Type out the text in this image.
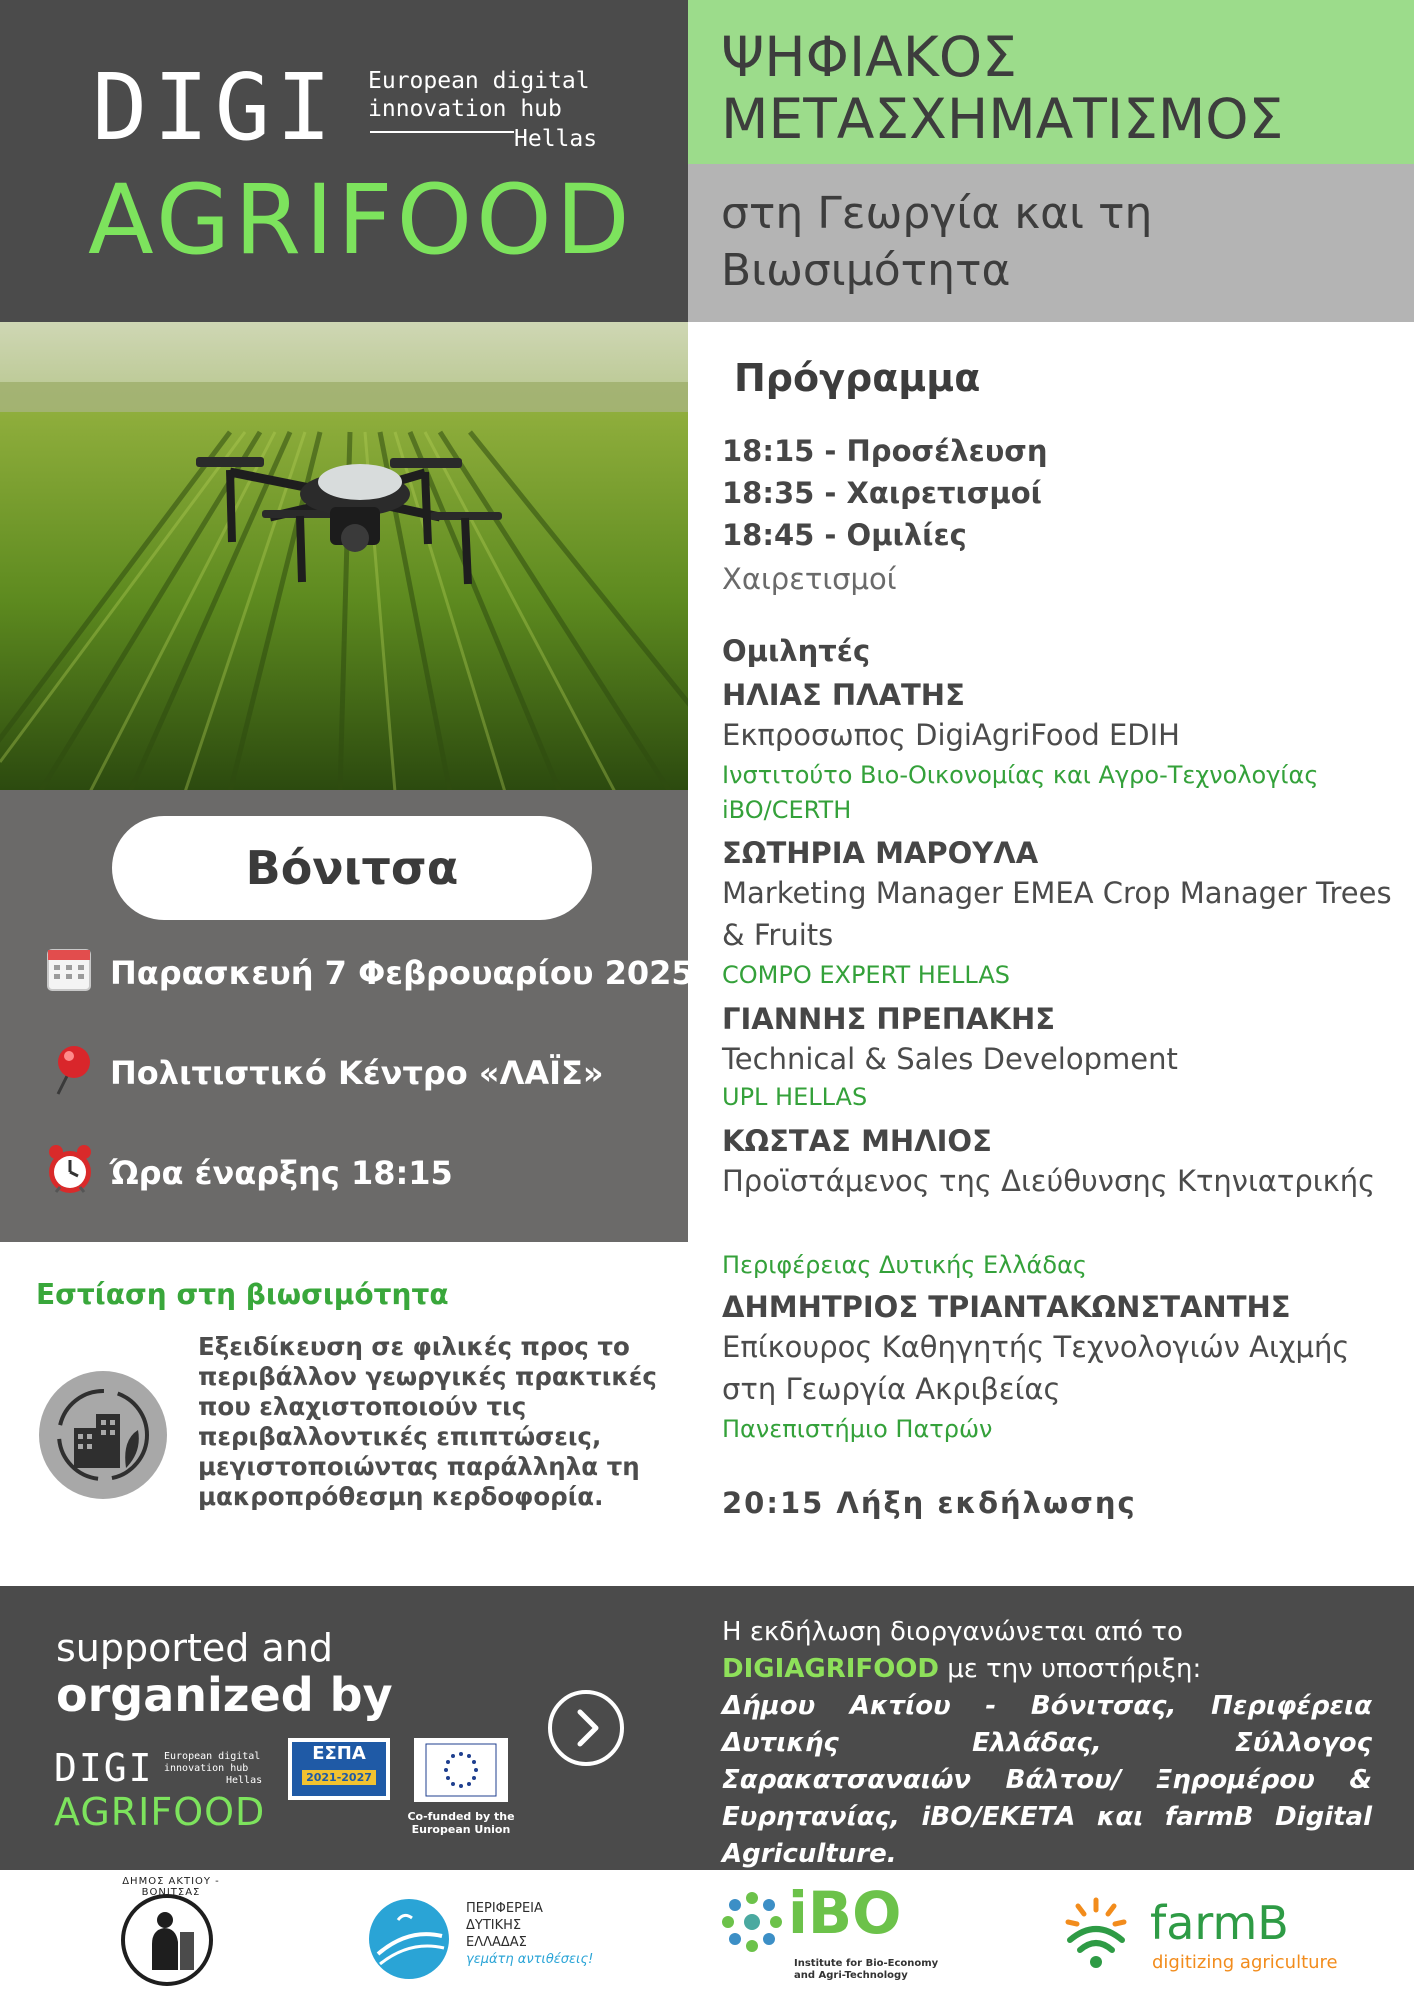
DIGI European digital
innovation hub
Hellas
AGRIFOOD
ΨΗΦΙΑΚΟΣ
ΜΕΤΑΣΧΗΜΑΤΙΣΜΟΣ
στη Γεωργία και τη
Βιωσιμότητα
Βόνιτσα
Παρασκευή 7 Φεβρουαρίου 2025
Πολιτιστικό Κέντρο «ΛΑΪΣ»
Ώρα έναρξης 18:15
Εστίαση στη βιωσιμότητα
Εξειδίκευση σε φιλικές προς το περιβάλλον γεωργικές πρακτικές που ελαχιστοποιούν τις περιβαλλοντικές επιπτώσεις, μεγιστοποιώντας παράλληλα τη μακροπρόθεσμη κερδοφορία.
Πρόγραμμα
18:15 - Προσέλευση
18:35 - Χαιρετισμοί
18:45 - Ομιλίες
Χαιρετισμοί
Ομιλητές
ΗΛΙΑΣ ΠΛΑΤΗΣ
Εκπροσωπος DigiAgriFood EDIH
Ινστιτούτο Βιο-Οικονομίας και Αγρο-Τεχνολογίας iBO/CERTH
ΣΩΤΗΡΙΑ ΜΑΡΟΥΛΑ
Marketing Manager EMEA Crop Manager Trees & Fruits
COMPO EXPERT HELLAS
ΓΙΑΝΝΗΣ ΠΡΕΠΑΚΗΣ
Technical & Sales Development
UPL HELLAS
ΚΩΣΤΑΣ ΜΗΛΙΟΣ
Προϊστάμενος της Διεύθυνσης Κτηνιατρικής
Περιφέρειας Δυτικής Ελλάδας
ΔΗΜΗΤΡΙΟΣ ΤΡΙΑΝΤΑΚΩΝΣΤΑΝΤΗΣ
Επίκουρος Καθηγητής Τεχνολογιών Αιχμής στη Γεωργία Ακριβείας
Πανεπιστήμιο Πατρών
20:15 Λήξη εκδήλωσης
supported and
organized by
DIGI European digital
innovation hub
Hellas
AGRIFOOD
ΕΣΠΑ
2021-2027
Co-funded by the European Union
Η εκδήλωση διοργανώνεται από το
DIGIAGRIFOOD με την υποστήριξη:
Δήμου Ακτίου - Βόνιτσας, Περιφέρεια Δυτικής Ελλάδας, Σύλλογος Σαρακατσαναιών Βάλτου/ Ξηρομέρου & Ευρητανίας, iBO/ΕΚΕΤΑ και farmB Digital Agriculture.
ΔΗΜΟΣ ΑΚΤΙΟΥ - ΒΟΝΙΤΣΑΣ
ΠΕΡΙΦΕΡΕΙΑ
ΔΥΤΙΚΗΣ
ΕΛΛΑΔΑΣ
γεμάτη αντιθέσεις!
iBO
Institute for Bio-Economy
and Agri-Technology
farmB
digitizing agriculture
